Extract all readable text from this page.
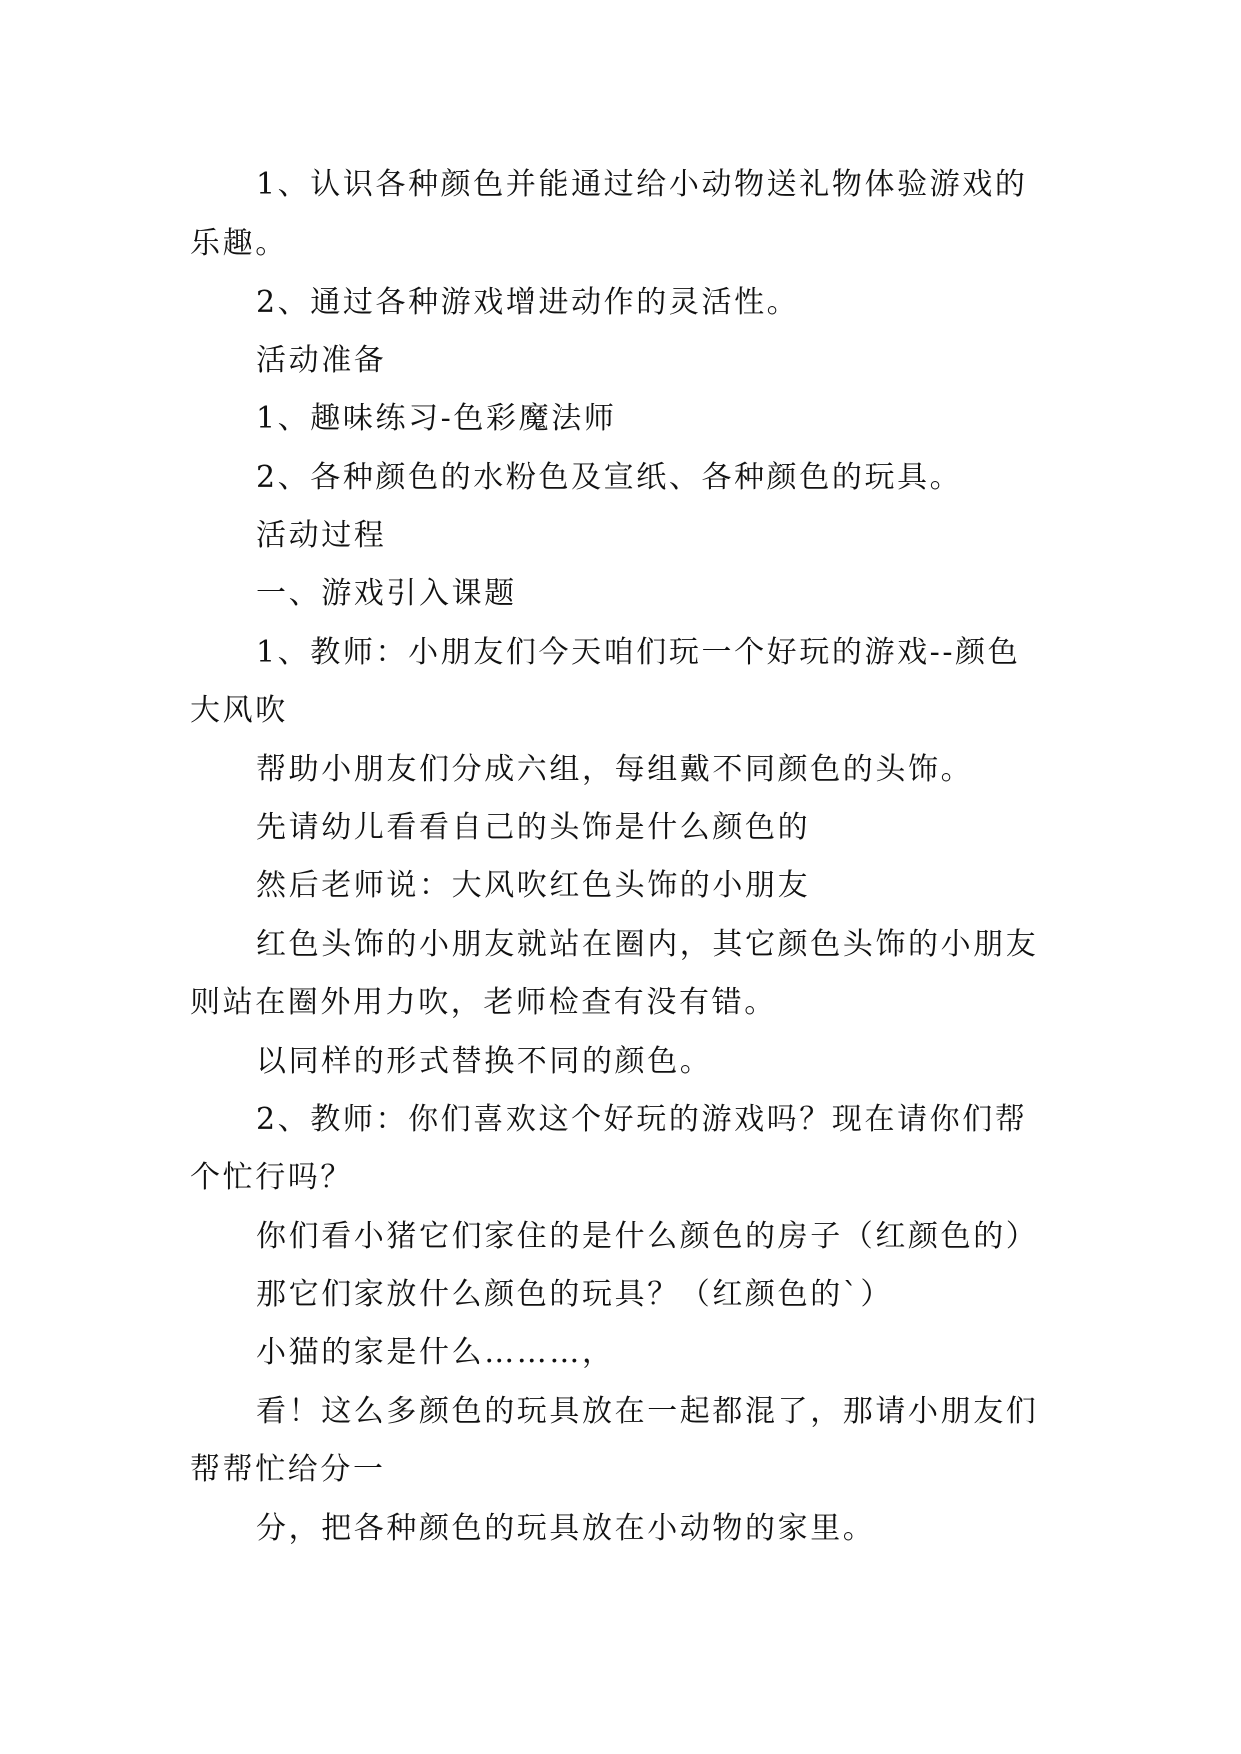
1、认识各种颜色并能通过给小动物送礼物体验游戏的
乐趣。
2、通过各种游戏增进动作的灵活性。
活动准备
1、趣味练习-色彩魔法师
2、各种颜色的水粉色及宣纸、各种颜色的玩具。
活动过程
一、游戏引入课题
1、教师：小朋友们今天咱们玩一个好玩的游戏--颜色
大风吹
帮助小朋友们分成六组，每组戴不同颜色的头饰。
先请幼儿看看自己的头饰是什么颜色的
然后老师说：大风吹红色头饰的小朋友
红色头饰的小朋友就站在圈内，其它颜色头饰的小朋友
则站在圈外用力吹，老师检查有没有错。
以同样的形式替换不同的颜色。
2、教师：你们喜欢这个好玩的游戏吗？现在请你们帮
个忙行吗？
你们看小猪它们家住的是什么颜色的房子（红颜色的）
那它们家放什么颜色的玩具？（红颜色的`）
小猫的家是什么………，
看！这么多颜色的玩具放在一起都混了，那请小朋友们
帮帮忙给分一
分，把各种颜色的玩具放在小动物的家里。
